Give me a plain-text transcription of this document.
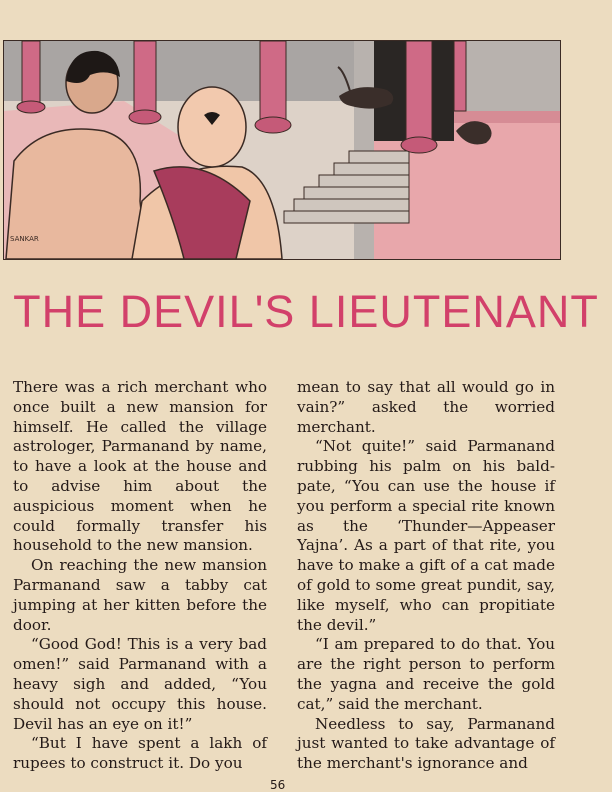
SANKAR
THE DEVIL'S LIEUTENANT

There was a rich merchant who once built a new mansion for himself. He called the village astrologer, Parmanand by name, to have a look at the house and to advise him about the auspicious moment when he could formally transfer his household to the new mansion.

On reaching the new mansion Parmanand saw a tabby cat jumping at her kitten before the door.

“Good God! This is a very bad omen!” said Parmanand with a heavy sigh and added, “You should not occupy this house. Devil has an eye on it!”

“But I have spent a lakh of rupees to construct it. Do you

mean to say that all would go in vain?” asked the worried merchant.

“Not quite!” said Parmanand rubbing his palm on his bald-pate, “You can use the house if you perform a special rite known as the ‘Thunder—Appeaser Yajna’. As a part of that rite, you have to make a gift of a cat made of gold to some great pundit, say, like myself, who can propitiate the devil.”

“I am prepared to do that. You are the right person to perform the yagna and receive the gold cat,” said the merchant.

Needless to say, Parmanand just wanted to take advantage of the merchant's ignorance and

56
